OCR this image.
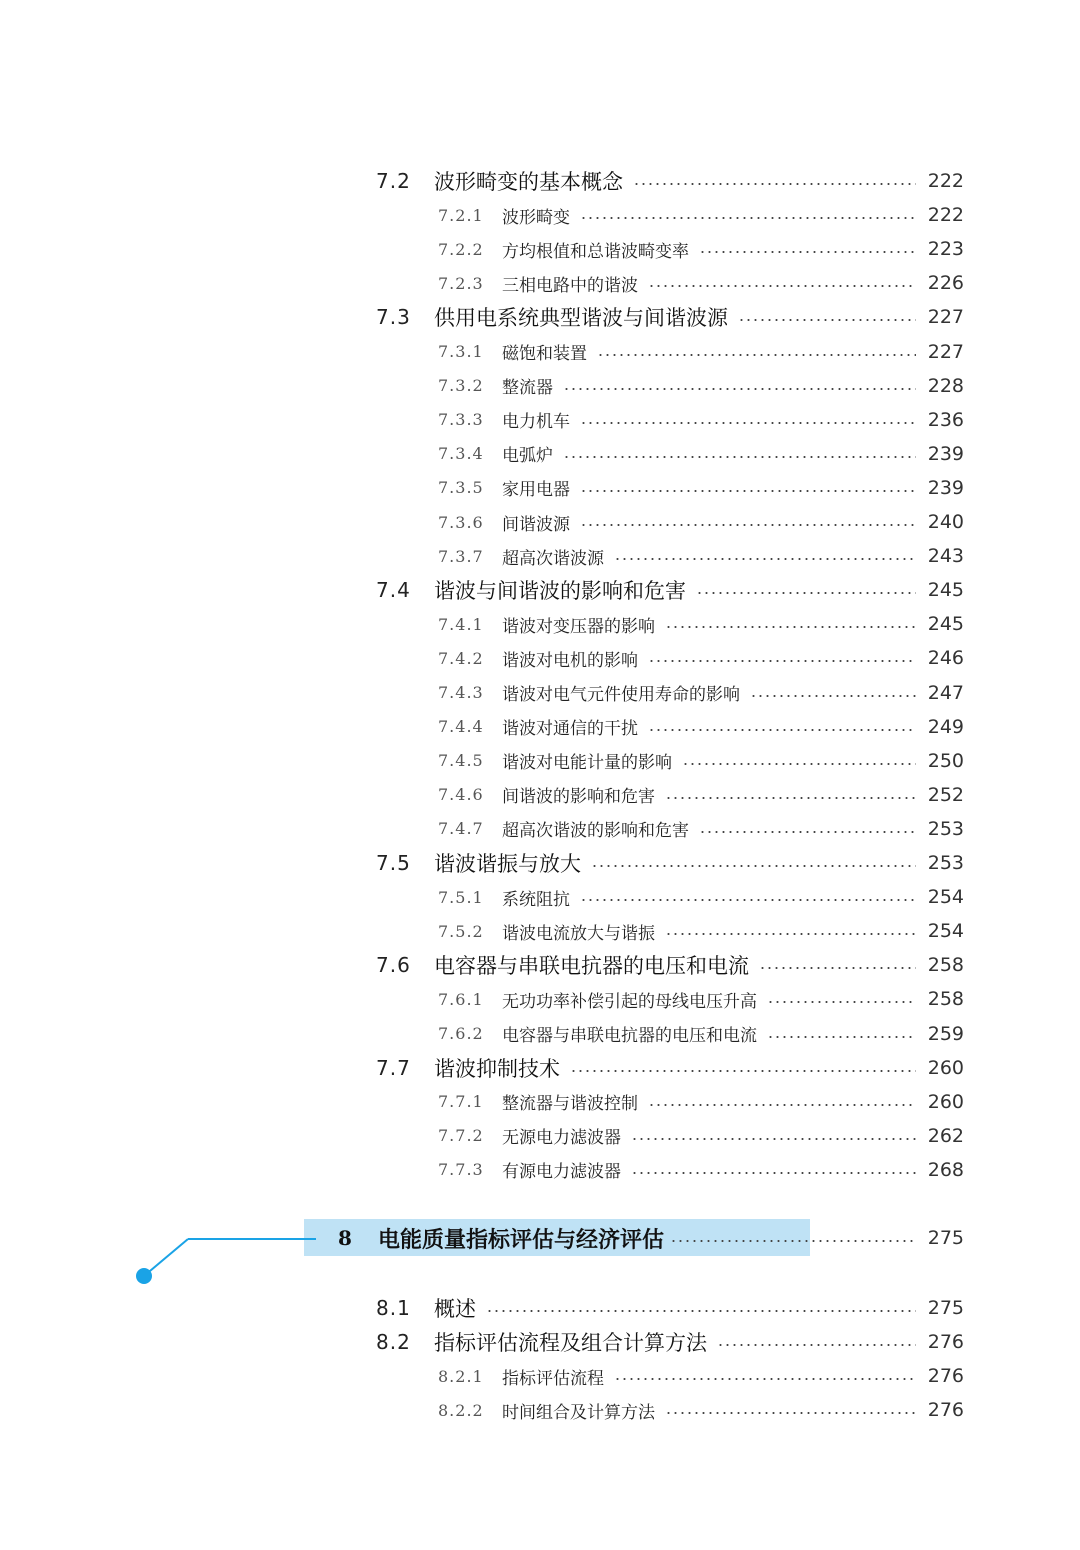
7.2 波形畸变的基本概念	222
7.2.1 波形畸变	222
7.2.2 方均根值和总谐波畸变率	223
7.2.3 三相电路中的谐波	226
7.3 供用电系统典型谐波与间谐波源	227
7.3.1 磁饱和装置	227
7.3.2 整流器	228
7.3.3 电力机车	236
7.3.4 电弧炉	239
7.3.5 家用电器	239
7.3.6 间谐波源	240
7.3.7 超高次谐波源	243
7.4 谐波与间谐波的影响和危害	245
7.4.1 谐波对变压器的影响	245
7.4.2 谐波对电机的影响	246
7.4.3 谐波对电气元件使用寿命的影响	247
7.4.4 谐波对通信的干扰	249
7.4.5 谐波对电能计量的影响	250
7.4.6 间谐波的影响和危害	252
7.4.7 超高次谐波的影响和危害	253
7.5 谐波谐振与放大	253
7.5.1 系统阻抗	254
7.5.2 谐波电流放大与谐振	254
7.6 电容器与串联电抗器的电压和电流	258
7.6.1 无功功率补偿引起的母线电压升高	258
7.6.2 电容器与串联电抗器的电压和电流	259
7.7 谐波抑制技术	260
7.7.1 整流器与谐波控制	260
7.7.2 无源电力滤波器	262
7.7.3 有源电力滤波器	268
8 电能质量指标评估与经济评估	275
8.1 概述	275
8.2 指标评估流程及组合计算方法	276
8.2.1 指标评估流程	276
8.2.2 时间组合及计算方法	276
